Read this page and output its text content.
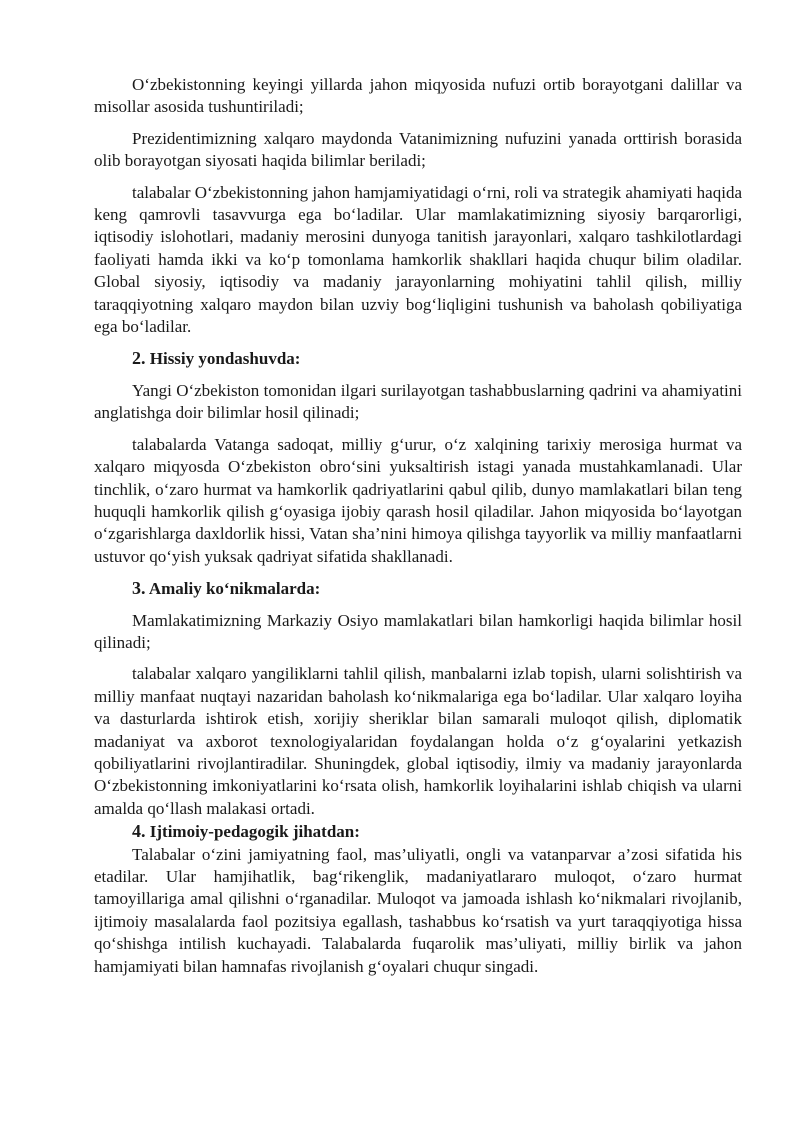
O‘zbekistonning keyingi yillarda jahon miqyosida nufuzi ortib borayotgani dalillar va misollar asosida tushuntiriladi;

Prezidentimizning xalqaro maydonda Vatanimizning nufuzini yanada orttirish borasida olib borayotgan siyosati haqida bilimlar beriladi;

talabalar O‘zbekistonning jahon hamjamiyatidagi o‘rni, roli va strategik ahamiyati haqida keng qamrovli tasavvurga ega bo‘ladilar. Ular mamlakatimizning siyosiy barqarorligi, iqtisodiy islohotlari, madaniy merosini dunyoga tanitish jarayonlari, xalqaro tashkilotlardagi faoliyati hamda ikki va ko‘p tomonlama hamkorlik shakllari haqida chuqur bilim oladilar. Global siyosiy, iqtisodiy va madaniy jarayonlarning mohiyatini tahlil qilish, milliy taraqqiyotning xalqaro maydon bilan uzviy bog‘liqligini tushunish va baholash qobiliyatiga ega bo‘ladilar.

2. Hissiy yondashuvda:

Yangi O‘zbekiston tomonidan ilgari surilayotgan tashabbuslarning qadrini va ahamiyatini anglatishga doir bilimlar hosil qilinadi;

talabalarda Vatanga sadoqat, milliy g‘urur, o‘z xalqining tarixiy merosiga hurmat va xalqaro miqyosda O‘zbekiston obro‘sini yuksaltirish istagi yanada mustahkamlanadi. Ular tinchlik, o‘zaro hurmat va hamkorlik qadriyatlarini qabul qilib, dunyo mamlakatlari bilan teng huquqli hamkorlik qilish g‘oyasiga ijobiy qarash hosil qiladilar. Jahon miqyosida bo‘layotgan o‘zgarishlarga daxldorlik hissi, Vatan sha’nini himoya qilishga tayyorlik va milliy manfaatlarni ustuvor qo‘yish yuksak qadriyat sifatida shakllanadi.

3. Amaliy ko‘nikmalarda:

Mamlakatimizning Markaziy Osiyo mamlakatlari bilan hamkorligi haqida bilimlar hosil qilinadi;

talabalar xalqaro yangiliklarni tahlil qilish, manbalarni izlab topish, ularni solishtirish va milliy manfaat nuqtayi nazaridan baholash ko‘nikmalariga ega bo‘ladilar. Ular xalqaro loyiha va dasturlarda ishtirok etish, xorijiy sheriklar bilan samarali muloqot qilish, diplomatik madaniyat va axborot texnologiyalaridan foydalangan holda o‘z g‘oyalarini yetkazish qobiliyatlarini rivojlantiradilar. Shuningdek, global iqtisodiy, ilmiy va madaniy jarayonlarda O‘zbekistonning imkoniyatlarini ko‘rsata olish, hamkorlik loyihalarini ishlab chiqish va ularni amalda qo‘llash malakasi ortadi.

4. Ijtimoiy-pedagogik jihatdan:

Talabalar o‘zini jamiyatning faol, mas’uliyatli, ongli va vatanparvar a’zosi sifatida his etadilar. Ular hamjihatlik, bag‘rikenglik, madaniyatlararo muloqot, o‘zaro hurmat tamoyillariga amal qilishni o‘rganadilar. Muloqot va jamoada ishlash ko‘nikmalari rivojlanib, ijtimoiy masalalarda faol pozitsiya egallash, tashabbus ko‘rsatish va yurt taraqqiyotiga hissa qo‘shishga intilish kuchayadi. Talabalarda fuqarolik mas’uliyati, milliy birlik va jahon hamjamiyati bilan hamnafas rivojlanish g‘oyalari chuqur singadi.
